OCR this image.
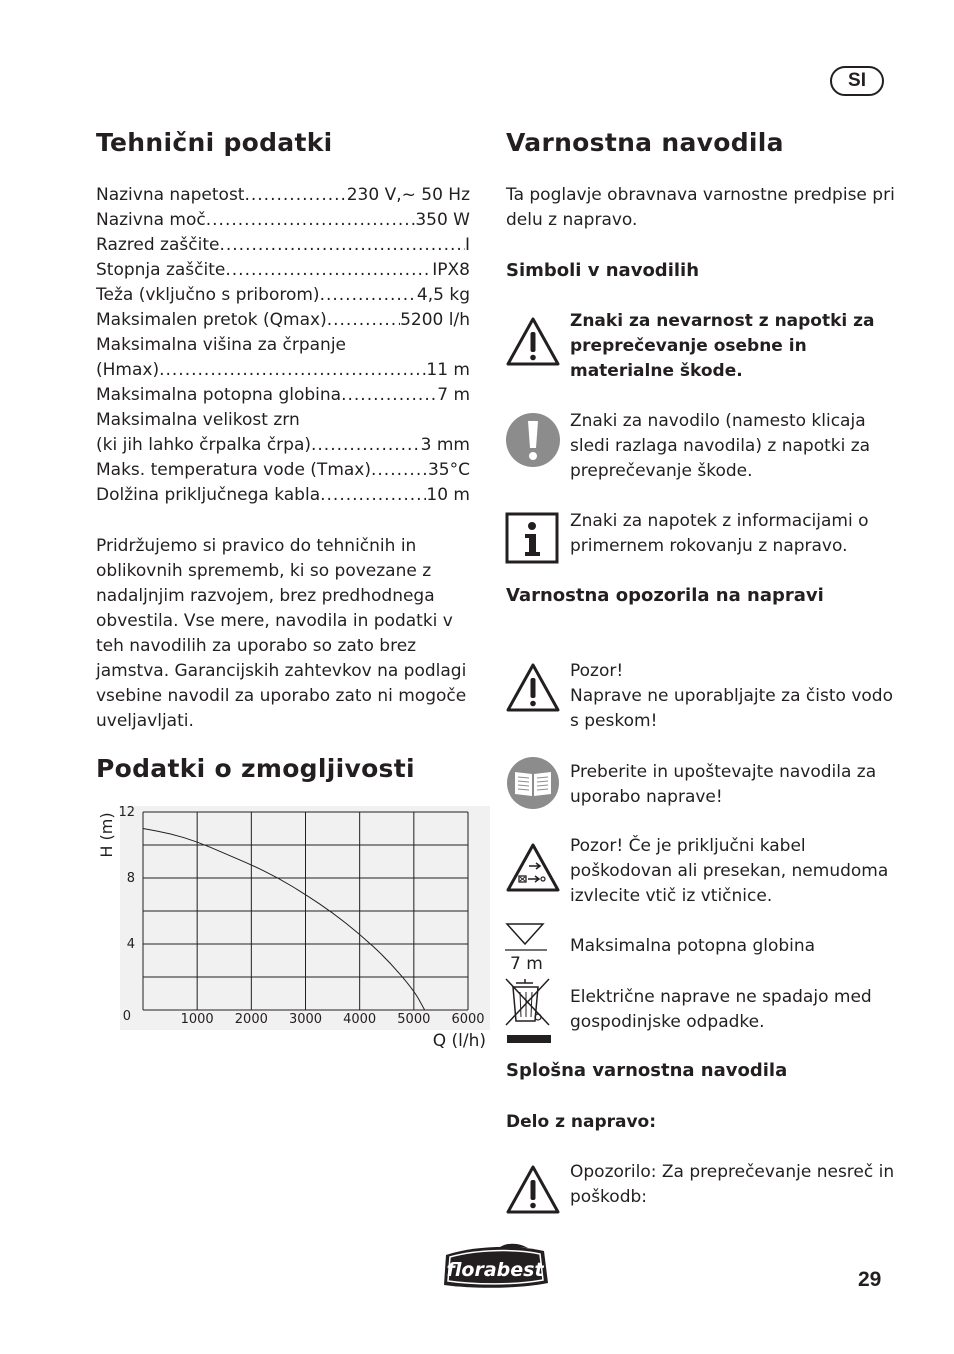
SI
Tehnični podatki
Nazivna napetost .....	230 V,~ 50 Hz
Nazivna moč .....	350 W
Razred zaščite .....	I
Stopnja zaščite .....	IPX8
Teža (vključno s priborom) .....	4,5 kg
Maksimalen pretok (Qmax) .....	5200 l/h
Maksimalna višina za črpanje
(Hmax) .....	11 m
Maksimalna potopna globina .....	7 m
Maksimalna velikost zrn
(ki jih lahko črpalka črpa) .....	3 mm
Maks. temperatura vode (Tmax) .....	35°C
Dolžina priključnega kabla .....	10 m

Pridržujemo si pravico do tehničnih in oblikovnih sprememb, ki so povezane z nadaljnjim razvojem, brez predhodnega obvestila. Vse mere, navodila in podatki v teh navodilih za uporabo so zato brez jamstva. Garancijskih zahtevkov na podlagi vsebine navodil za uporabo zato ni mogoče uveljavljati.

Podatki o zmogljivosti
1000 2000 3000 4000 5000 6000
12
8
4
0
H (m)
Q (l/h)
Varnostna navodila

Ta poglavje obravnava varnostne predpise pri delu z napravo.

Simboli v navodilih

Znaki za nevarnost z napotki za preprečevanje osebne in materialne škode.

Znaki za navodilo (namesto klicaja sledi razlaga navodila) z napotki za preprečevanje škode.

Znaki za napotek z informacijami o primernem rokovanju z napravo.

Varnostna opozorila na napravi

Pozor!
Naprave ne uporabljajte za čisto vodo s peskom!

Preberite in upoštevajte navodila za uporabo naprave!

Pozor! Če je priključni kabel poškodovan ali presekan, nemudoma izvlecite vtič iz vtičnice.

7 m

Maksimalna potopna globina

Električne naprave ne spadajo med gospodinjske odpadke.

Splošna varnostna navodila
Delo z napravo:

Opozorilo: Za preprečevanje nesreč in poškodb:

florabest	29
